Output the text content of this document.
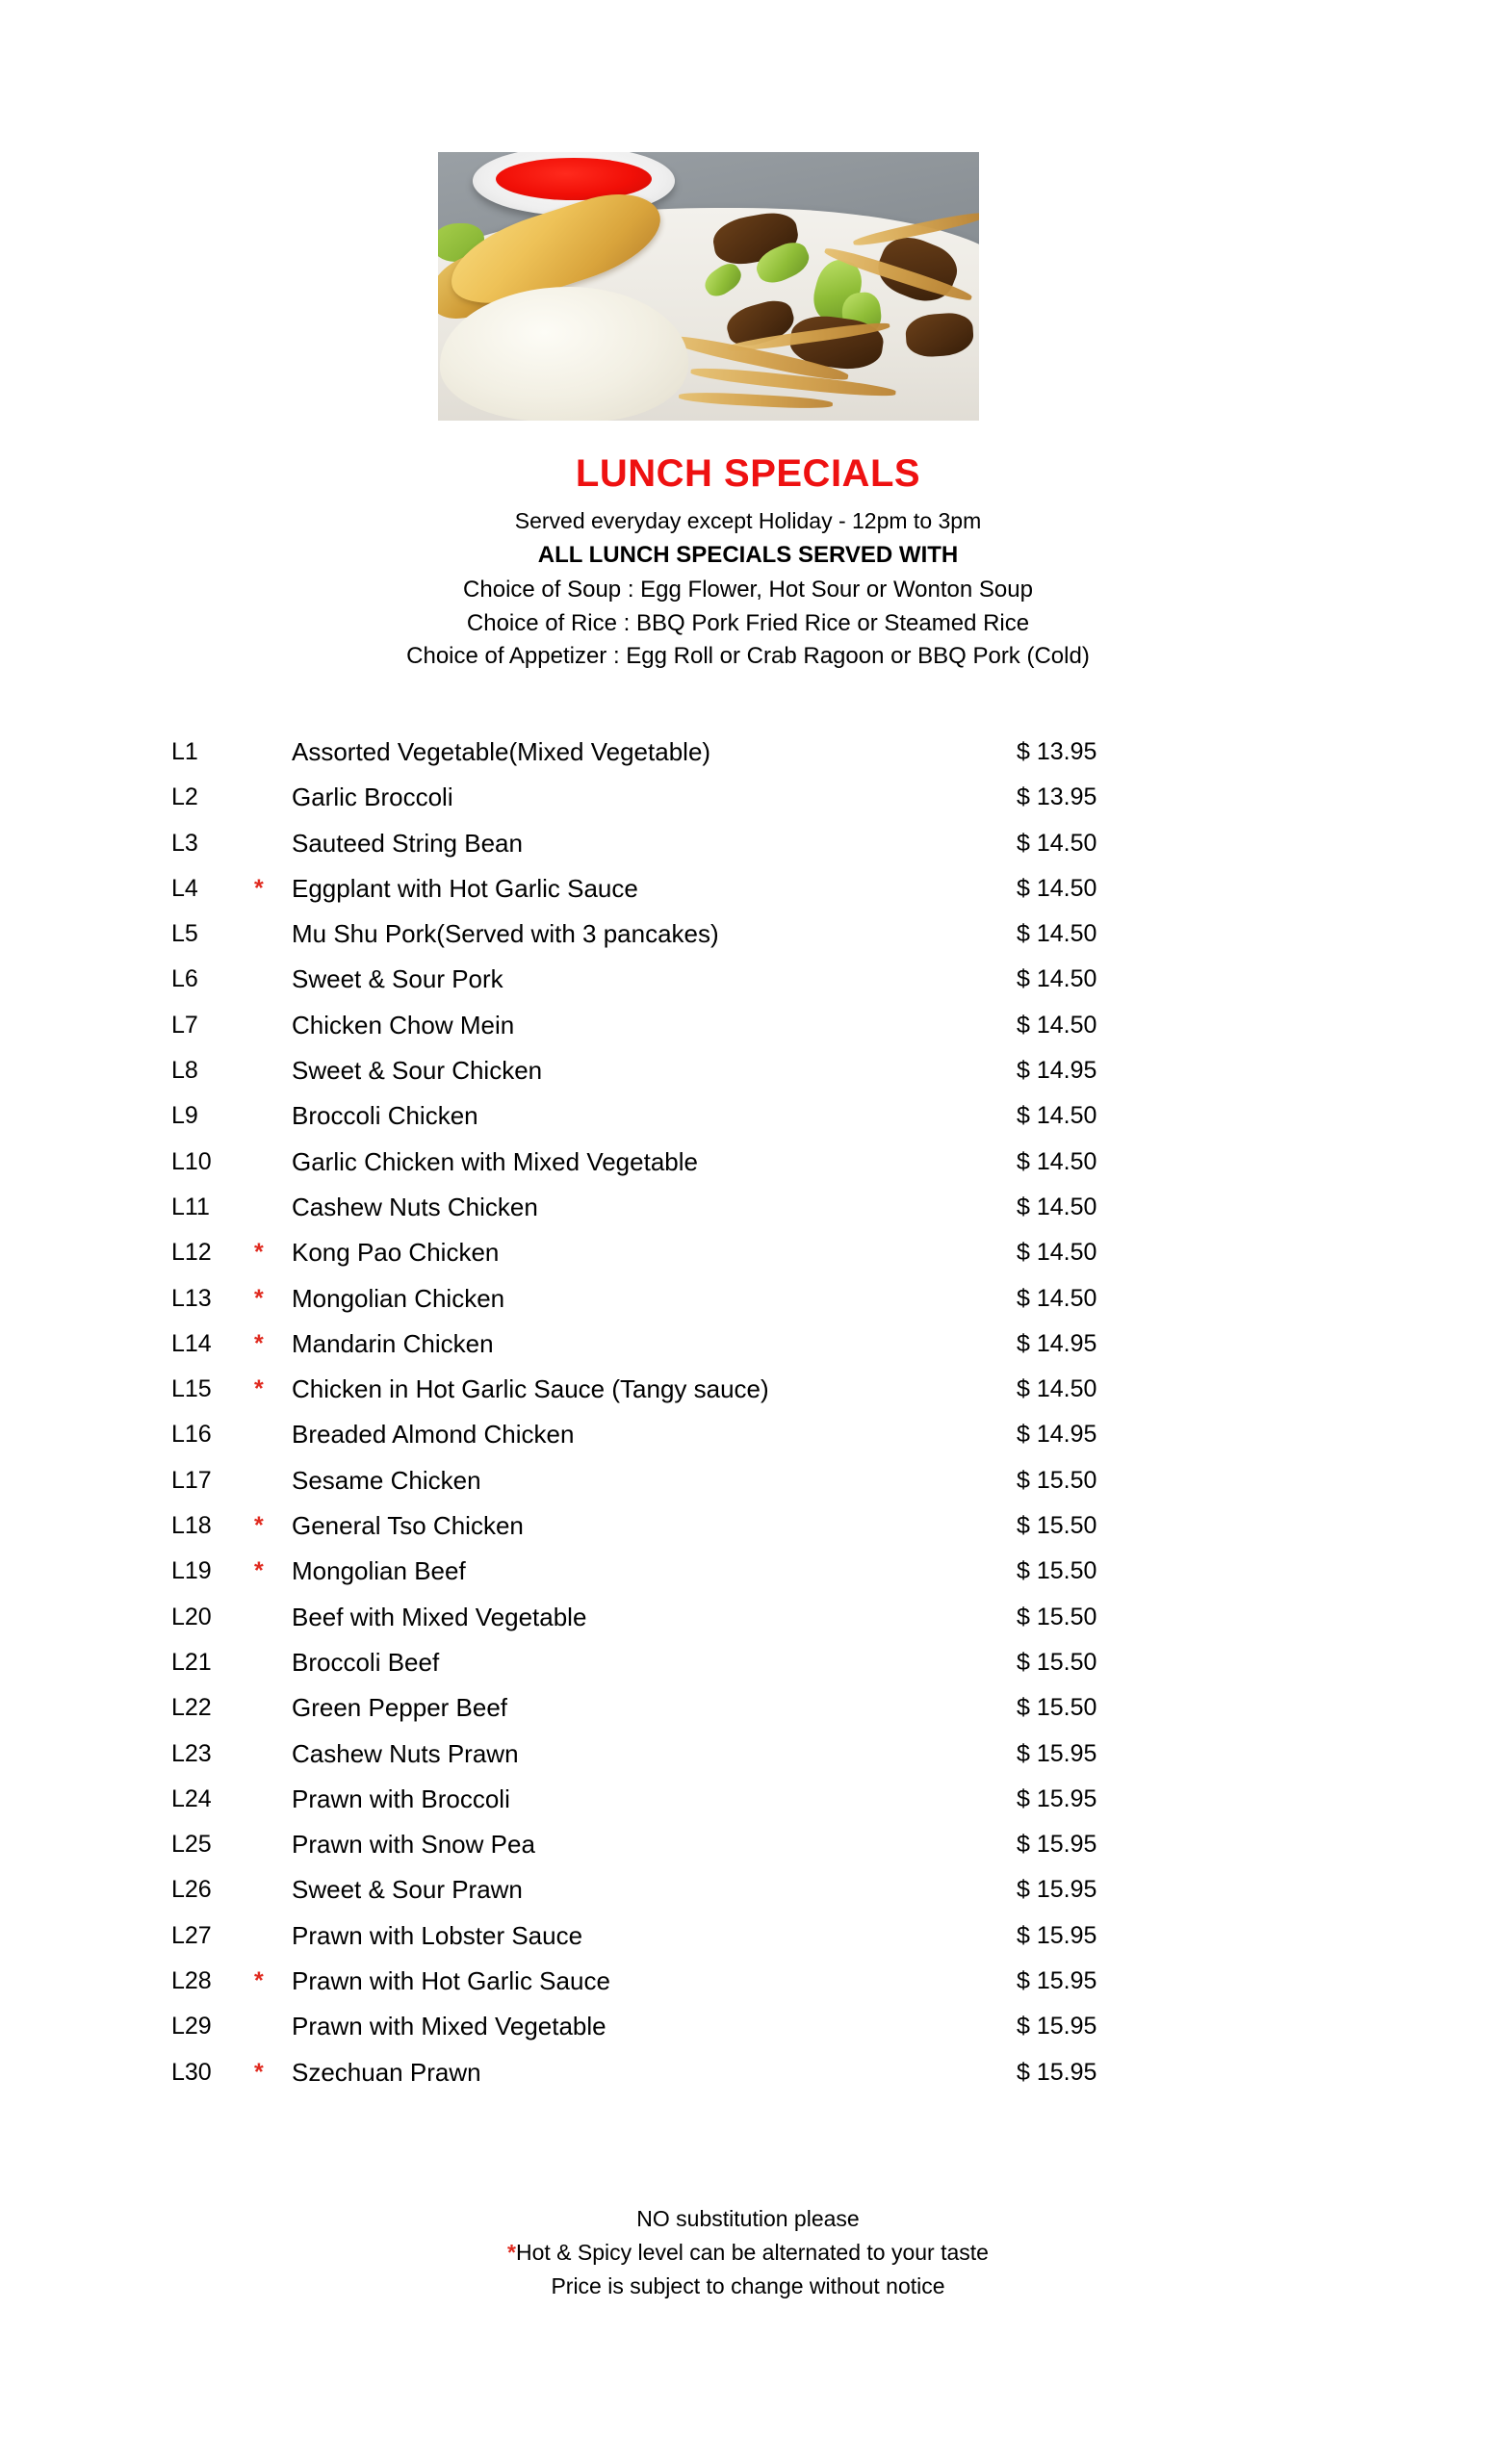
LUNCH SPECIALS
Served everyday except Holiday - 12pm to 3pm
ALL LUNCH SPECIALS SERVED WITH
Choice of Soup : Egg Flower, Hot Sour or Wonton Soup
Choice of Rice : BBQ Pork Fried Rice or Steamed Rice
Choice of Appetizer : Egg Roll or Crab Ragoon or BBQ Pork (Cold)
L1	Assorted Vegetable(Mixed Vegetable)	$ 13.95
L2	Garlic Broccoli	$ 13.95
L3	Sauteed String Bean	$ 14.50
L4 * Eggplant with Hot Garlic Sauce	$ 14.50
L5	Mu Shu Pork(Served with 3 pancakes)	$ 14.50
L6	Sweet & Sour Pork	$ 14.50
L7	Chicken Chow Mein	$ 14.50
L8	Sweet & Sour Chicken	$ 14.95
L9	Broccoli Chicken	$ 14.50
L10	Garlic Chicken with Mixed Vegetable	$ 14.50
L11	Cashew Nuts Chicken	$ 14.50
L12 * Kong Pao Chicken	$ 14.50
L13 * Mongolian Chicken	$ 14.50
L14 * Mandarin Chicken	$ 14.95
L15 * Chicken in Hot Garlic Sauce (Tangy sauce)	$ 14.50
L16	Breaded Almond Chicken	$ 14.95
L17	Sesame Chicken	$ 15.50
L18 * General Tso Chicken	$ 15.50
L19 * Mongolian Beef	$ 15.50
L20	Beef with Mixed Vegetable	$ 15.50
L21	Broccoli Beef	$ 15.50
L22	Green Pepper Beef	$ 15.50
L23	Cashew Nuts Prawn	$ 15.95
L24	Prawn with Broccoli	$ 15.95
L25	Prawn with Snow Pea	$ 15.95
L26	Sweet & Sour Prawn	$ 15.95
L27	Prawn with Lobster Sauce	$ 15.95
L28 * Prawn with Hot Garlic Sauce	$ 15.95
L29	Prawn with Mixed Vegetable	$ 15.95
L30 * Szechuan Prawn	$ 15.95
NO substitution please
*Hot & Spicy level can be alternated to your taste
Price is subject to change without notice
